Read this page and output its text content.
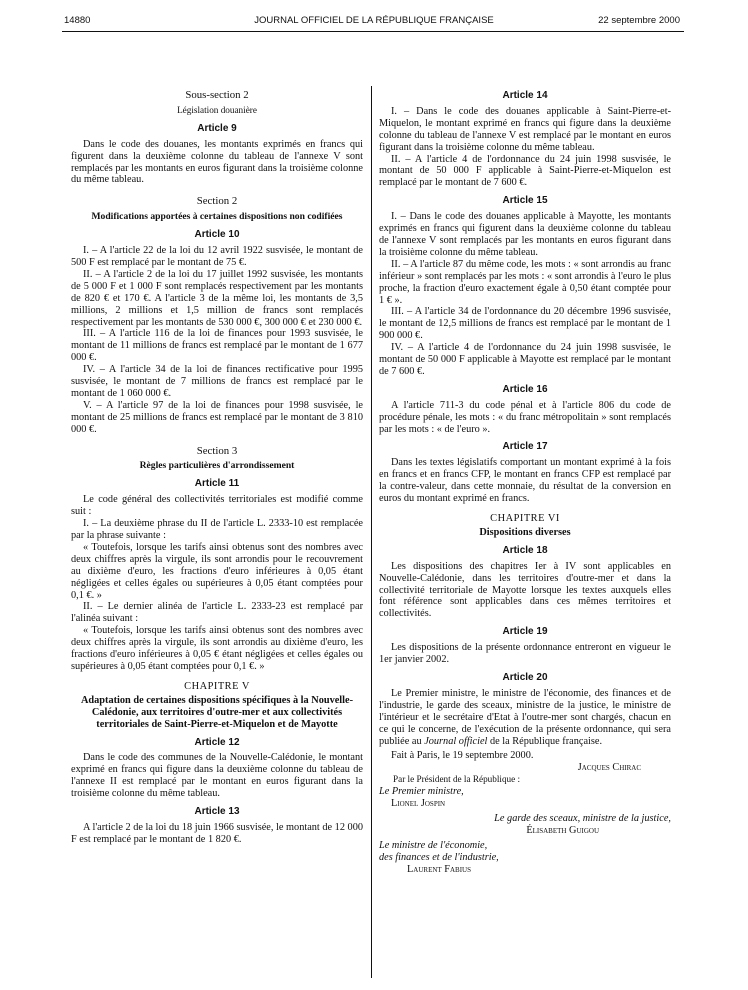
14880	JOURNAL OFFICIEL DE LA RÉPUBLIQUE FRANÇAISE	22 septembre 2000

Sous-section 2

Législation douanière

Article 9

Dans le code des douanes, les montants exprimés en francs qui figurent dans la deuxième colonne du tableau de l'annexe V sont remplacés par les montants en euros figurant dans la troisième colonne du même tableau.

Section 2

Modifications apportées à certaines dispositions non codifiées

Article 10

I. – A l'article 22 de la loi du 12 avril 1922 susvisée, le montant de 500 F est remplacé par le montant de 75 €.

II. – A l'article 2 de la loi du 17 juillet 1992 susvisée, les montants de 5 000 F et 1 000 F sont remplacés respectivement par les montants de 820 € et 170 €. A l'article 3 de la même loi, les montants de 3,5 millions, 2 millions et 1,5 million de francs sont remplacés respectivement par les montants de 530 000 €, 300 000 € et 230 000 €.

III. – A l'article 116 de la loi de finances pour 1993 susvisée, le montant de 11 millions de francs est remplacé par le montant de 1 677 000 €.

IV. – A l'article 34 de la loi de finances rectificative pour 1995 susvisée, le montant de 7 millions de francs est remplacé par le montant de 1 060 000 €.

V. – A l'article 97 de la loi de finances pour 1998 susvisée, le montant de 25 millions de francs est remplacé par le montant de 3 810 000 €.

Section 3

Règles particulières d'arrondissement

Article 11

Le code général des collectivités territoriales est modifié comme suit :

I. – La deuxième phrase du II de l'article L. 2333-10 est remplacée par la phrase suivante :

« Toutefois, lorsque les tarifs ainsi obtenus sont des nombres avec deux chiffres après la virgule, ils sont arrondis pour le recouvrement au dixième d'euro, les fractions d'euro inférieures à 0,05 étant négligées et celles égales ou supérieures à 0,05 étant comptées pour 0,1 €. »

II. – Le dernier alinéa de l'article L. 2333-23 est remplacé par l'alinéa suivant :

« Toutefois, lorsque les tarifs ainsi obtenus sont des nombres avec deux chiffres après la virgule, ils sont arrondis au dixième d'euro, les fractions d'euro inférieures à 0,05 € étant négligées et celles égales ou supérieures à 0,05 étant comptées pour 0,1 €. »

CHAPITRE V

Adaptation de certaines dispositions spécifiques à la Nouvelle-Calédonie, aux territoires d'outre-mer et aux collectivités territoriales de Saint-Pierre-et-Miquelon et de Mayotte

Article 12

Dans le code des communes de la Nouvelle-Calédonie, le montant exprimé en francs qui figure dans la deuxième colonne du tableau de l'annexe II est remplacé par le montant en euros figurant dans la troisième colonne du même tableau.

Article 13

A l'article 2 de la loi du 18 juin 1966 susvisée, le montant de 12 000 F est remplacé par le montant de 1 820 €.

Article 14

I. – Dans le code des douanes applicable à Saint-Pierre-et-Miquelon, le montant exprimé en francs qui figure dans la deuxième colonne du tableau de l'annexe V est remplacé par le montant en euros figurant dans la troisième colonne du même tableau.

II. – A l'article 4 de l'ordonnance du 24 juin 1998 susvisée, le montant de 50 000 F applicable à Saint-Pierre-et-Miquelon est remplacé par le montant de 7 600 €.

Article 15

I. – Dans le code des douanes applicable à Mayotte, les montants exprimés en francs qui figurent dans la deuxième colonne du tableau de l'annexe V sont remplacés par les montants en euros figurant dans la troisième colonne du même tableau.

II. – A l'article 87 du même code, les mots : « sont arrondis au franc inférieur » sont remplacés par les mots : « sont arrondis à l'euro le plus proche, la fraction d'euro exactement égale à 0,50 étant comptée pour 1 € ».

III. – A l'article 34 de l'ordonnance du 20 décembre 1996 susvisée, le montant de 12,5 millions de francs est remplacé par le montant de 1 900 000 €.

IV. – A l'article 4 de l'ordonnance du 24 juin 1998 susvisée, le montant de 50 000 F applicable à Mayotte est remplacé par le montant de 7 600 €.

Article 16

A l'article 711-3 du code pénal et à l'article 806 du code de procédure pénale, les mots : « du franc métropolitain » sont remplacés par les mots : « de l'euro ».

Article 17

Dans les textes législatifs comportant un montant exprimé à la fois en francs et en francs CFP, le montant en francs CFP est remplacé par la contre-valeur, dans cette monnaie, du résultat de la conversion en euros du montant exprimé en francs.

CHAPITRE VI

Dispositions diverses

Article 18

Les dispositions des chapitres Ier à IV sont applicables en Nouvelle-Calédonie, dans les territoires d'outre-mer et dans la collectivité territoriale de Mayotte lorsque les textes auxquels elles font référence sont applicables dans ces mêmes territoires et collectivités.

Article 19

Les dispositions de la présente ordonnance entreront en vigueur le 1er janvier 2002.

Article 20

Le Premier ministre, le ministre de l'économie, des finances et de l'industrie, le garde des sceaux, ministre de la justice, le ministre de l'intérieur et le secrétaire d'Etat à l'outre-mer sont chargés, chacun en ce qui le concerne, de l'exécution de la présente ordonnance, qui sera publiée au Journal officiel de la République française.

Fait à Paris, le 19 septembre 2000.

Jacques Chirac

Par le Président de la République :

Le Premier ministre,

Lionel Jospin

Le garde des sceaux, ministre de la justice,

Élisabeth Guigou

Le ministre de l'économie,

des finances et de l'industrie,

Laurent Fabius
